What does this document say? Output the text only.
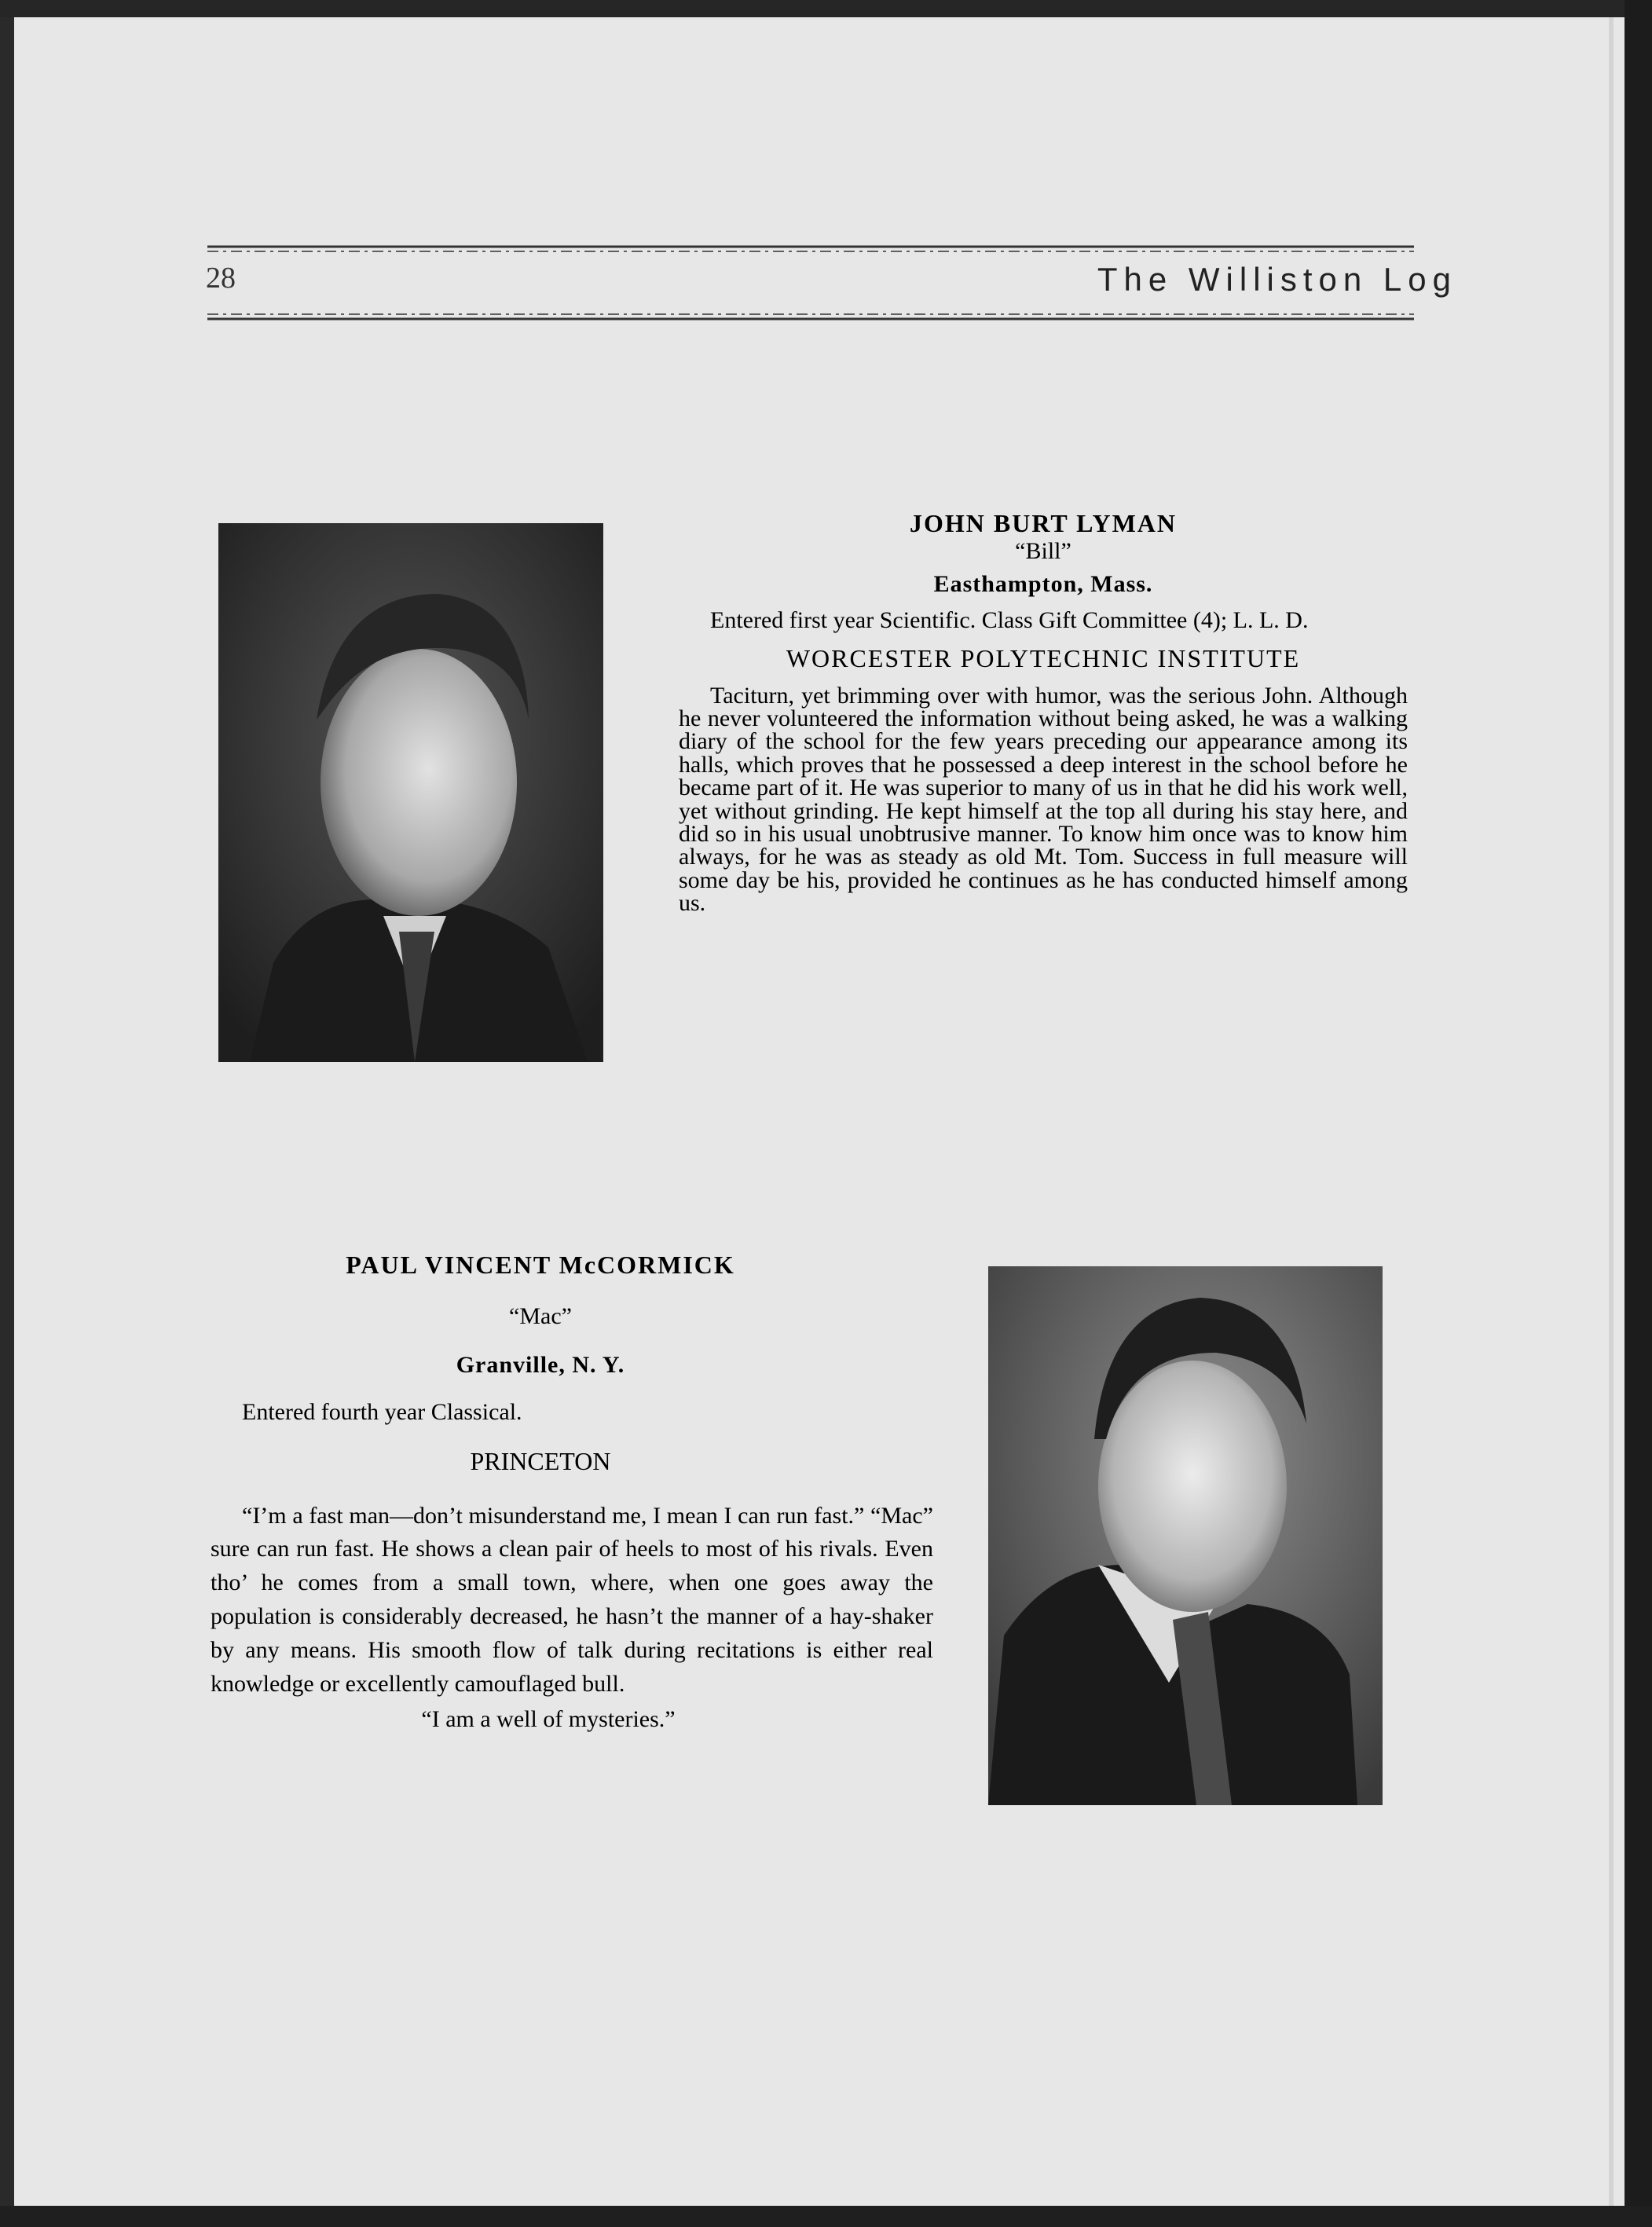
28	The Williston Log

JOHN BURT LYMAN

“Bill”

Easthampton, Mass.

Entered first year Scientific. Class Gift Committee (4); L. L. D.

WORCESTER POLYTECHNIC INSTITUTE

Taciturn, yet brimming over with humor, was the serious John. Although he never volunteered the information without being asked, he was a walking diary of the school for the few years preceding our appearance among its halls, which proves that he possessed a deep interest in the school before he became part of it. He was superior to many of us in that he did his work well, yet without grinding. He kept himself at the top all during his stay here, and did so in his usual unobtrusive manner. To know him once was to know him always, for he was as steady as old Mt. Tom. Success in full measure will some day be his, provided he continues as he has conducted himself among us.

PAUL VINCENT McCORMICK

“Mac”

Granville, N. Y.

Entered fourth year Classical.

PRINCETON

“I’m a fast man—don’t misunderstand me, I mean I can run fast.” “Mac” sure can run fast. He shows a clean pair of heels to most of his rivals. Even tho’ he comes from a small town, where, when one goes away the population is considerably decreased, he hasn’t the manner of a hay-shaker by any means. His smooth flow of talk during recitations is either real knowledge or excellently camouflaged bull.

“I am a well of mysteries.”
